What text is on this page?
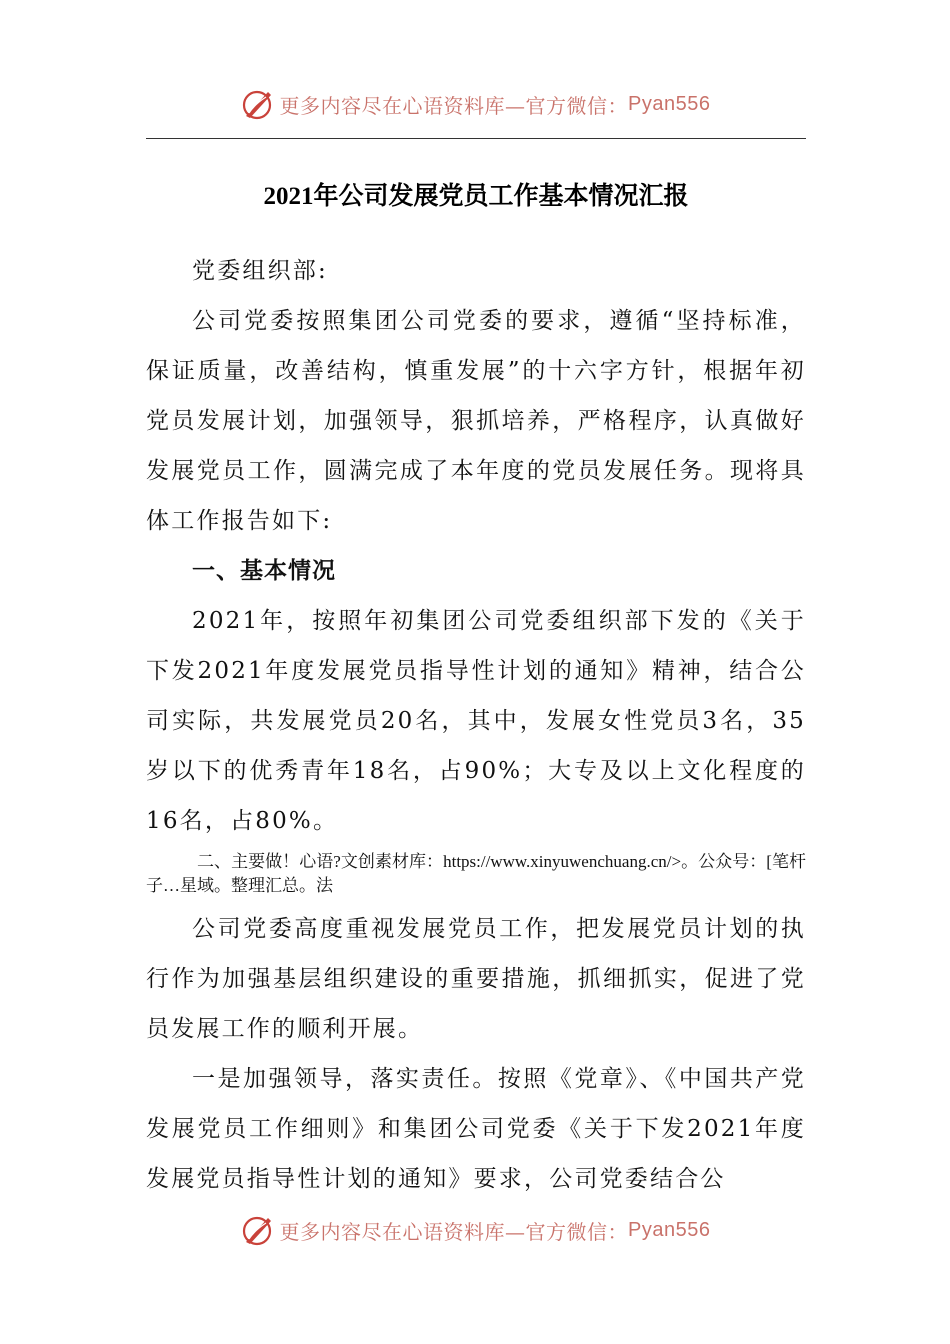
更多内容尽在心语资料库—官方微信： Pyan556
2021年公司发展党员工作基本情况汇报

党委组织部:

公司党委按照集团公司党委的要求，遵循“坚持标准，保证质量，改善结构，慎重发展”的十六字方针，根据年初党员发展计划，加强领导，狠抓培养，严格程序，认真做好发展党员工作，圆满完成了本年度的党员发展任务。现将具体工作报告如下:

一、基本情况

2021年，按照年初集团公司党委组织部下发的《关于下发2021年度发展党员指导性计划的通知》精神，结合公司实际，共发展党员20名，其中，发展女性党员3名，35岁以下的优秀青年18名，占90%；大专及以上文化程度的16名，占80%。

二、主要做！心语?文创素材库：https://www.xinyuwenchuang.cn/>。公众号：[笔杆子…星域。整理汇总。法

公司党委高度重视发展党员工作，把发展党员计划的执行作为加强基层组织建设的重要措施，抓细抓实，促进了党员发展工作的顺利开展。

一是加强领导，落实责任。按照《党章》、《中国共产党发展党员工作细则》和集团公司党委《关于下发2021年度发展党员指导性计划的通知》要求，公司党委结合公

更多内容尽在心语资料库—官方微信： Pyan556
